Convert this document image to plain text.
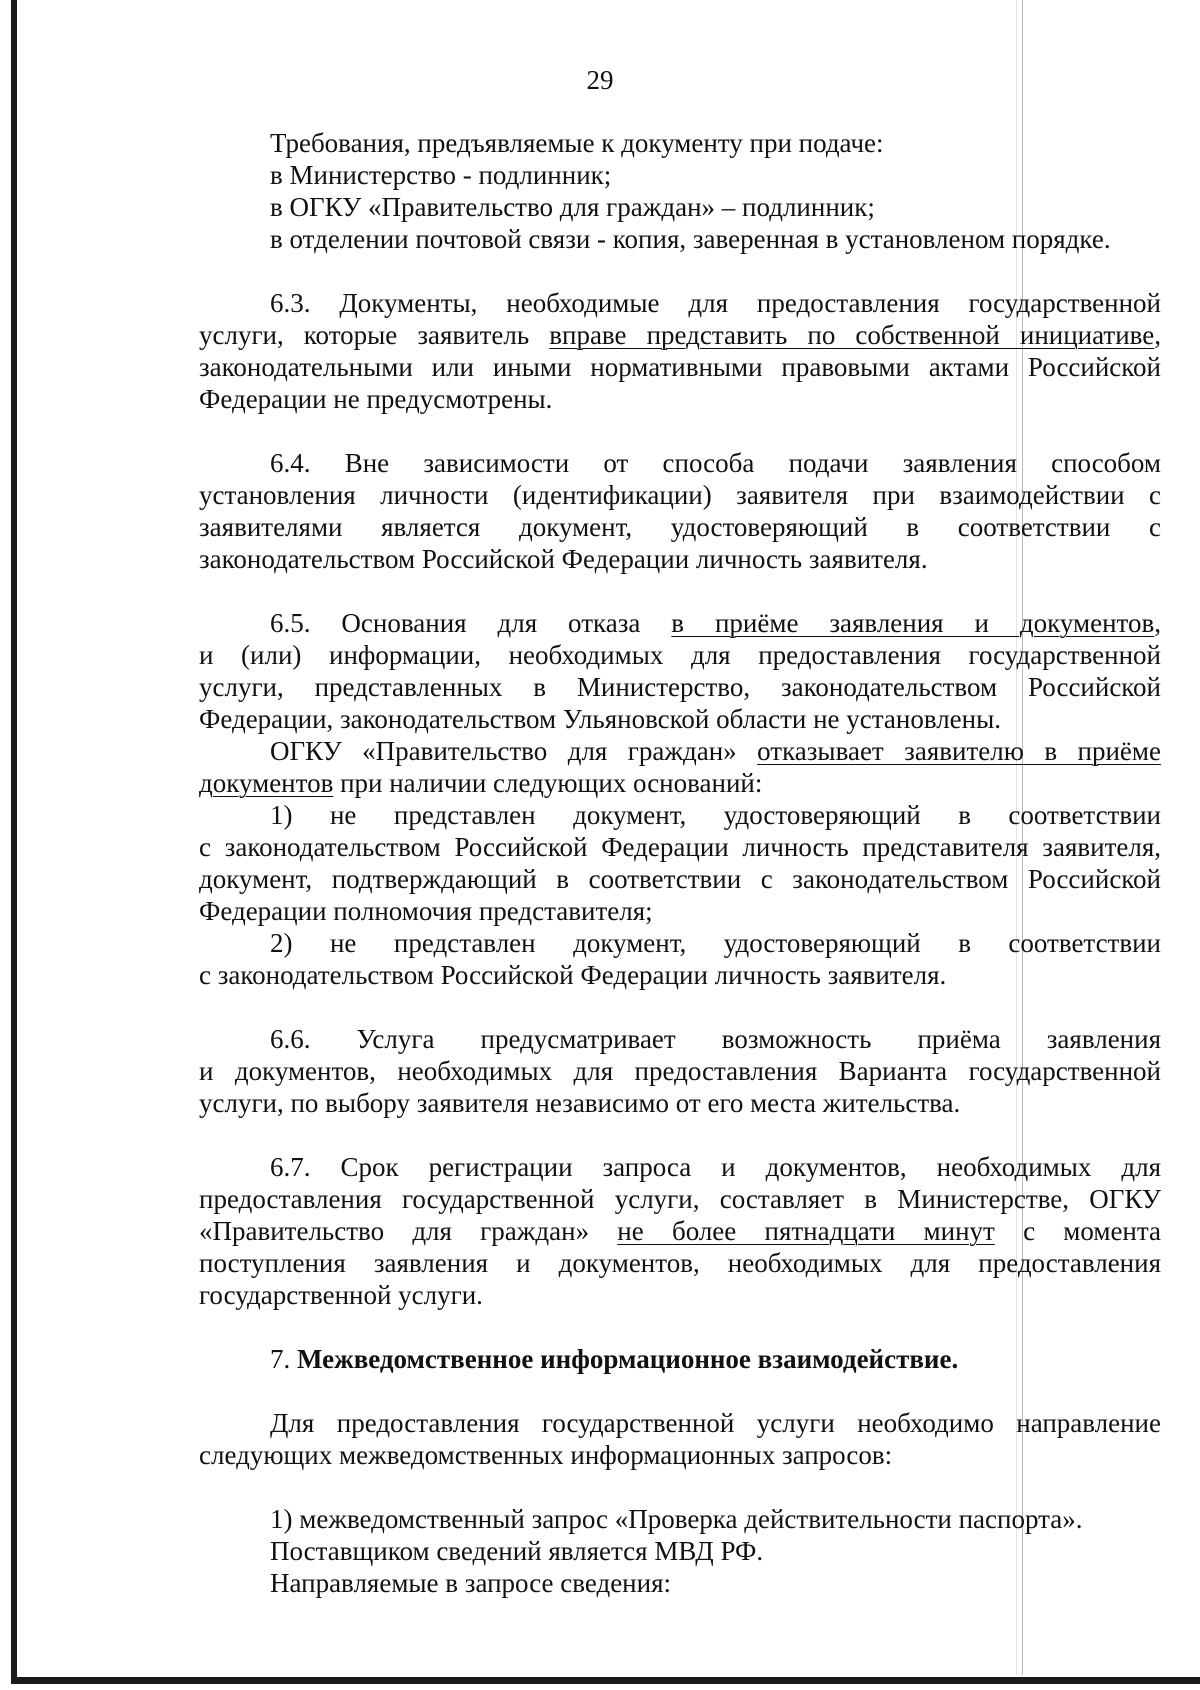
29
Требования, предъявляемые к документу при подаче:
в Министерство - подлинник;
в ОГКУ «Правительство для граждан» – подлинник;
в отделении почтовой связи - копия, заверенная в установленом порядке.
6.3. Документы, необходимые для предоставления государственной
услуги, которые заявитель вправе представить по собственной инициативе,
законодательными или иными нормативными правовыми актами Российской
Федерации не предусмотрены.
6.4. Вне зависимости от способа подачи заявления способом
установления личности (идентификации) заявителя при взаимодействии с
заявителями является документ, удостоверяющий в соответствии с
законодательством Российской Федерации личность заявителя.
6.5. Основания для отказа в приёме заявления и документов,
и (или) информации, необходимых для предоставления государственной
услуги, представленных в Министерство, законодательством Российской
Федерации, законодательством Ульяновской области не установлены.
ОГКУ «Правительство для граждан» отказывает заявителю в приёме
документов при наличии следующих оснований:
1) не представлен документ, удостоверяющий в соответствии
с законодательством Российской Федерации личность представителя заявителя,
документ, подтверждающий в соответствии с законодательством Российской
Федерации полномочия представителя;
2) не представлен документ, удостоверяющий в соответствии
с законодательством Российской Федерации личность заявителя.
6.6. Услуга предусматривает возможность приёма заявления
и документов, необходимых для предоставления Варианта государственной
услуги, по выбору заявителя независимо от его места жительства.
6.7. Срок регистрации запроса и документов, необходимых для
предоставления государственной услуги, составляет в Министерстве, ОГКУ
«Правительство для граждан» не более пятнадцати минут с момента
поступления заявления и документов, необходимых для предоставления
государственной услуги.
7. Межведомственное информационное взаимодействие.
Для предоставления государственной услуги необходимо направление
следующих межведомственных информационных запросов:
1) межведомственный запрос «Проверка действительности паспорта».
Поставщиком сведений является МВД РФ.
Направляемые в запросе сведения:
